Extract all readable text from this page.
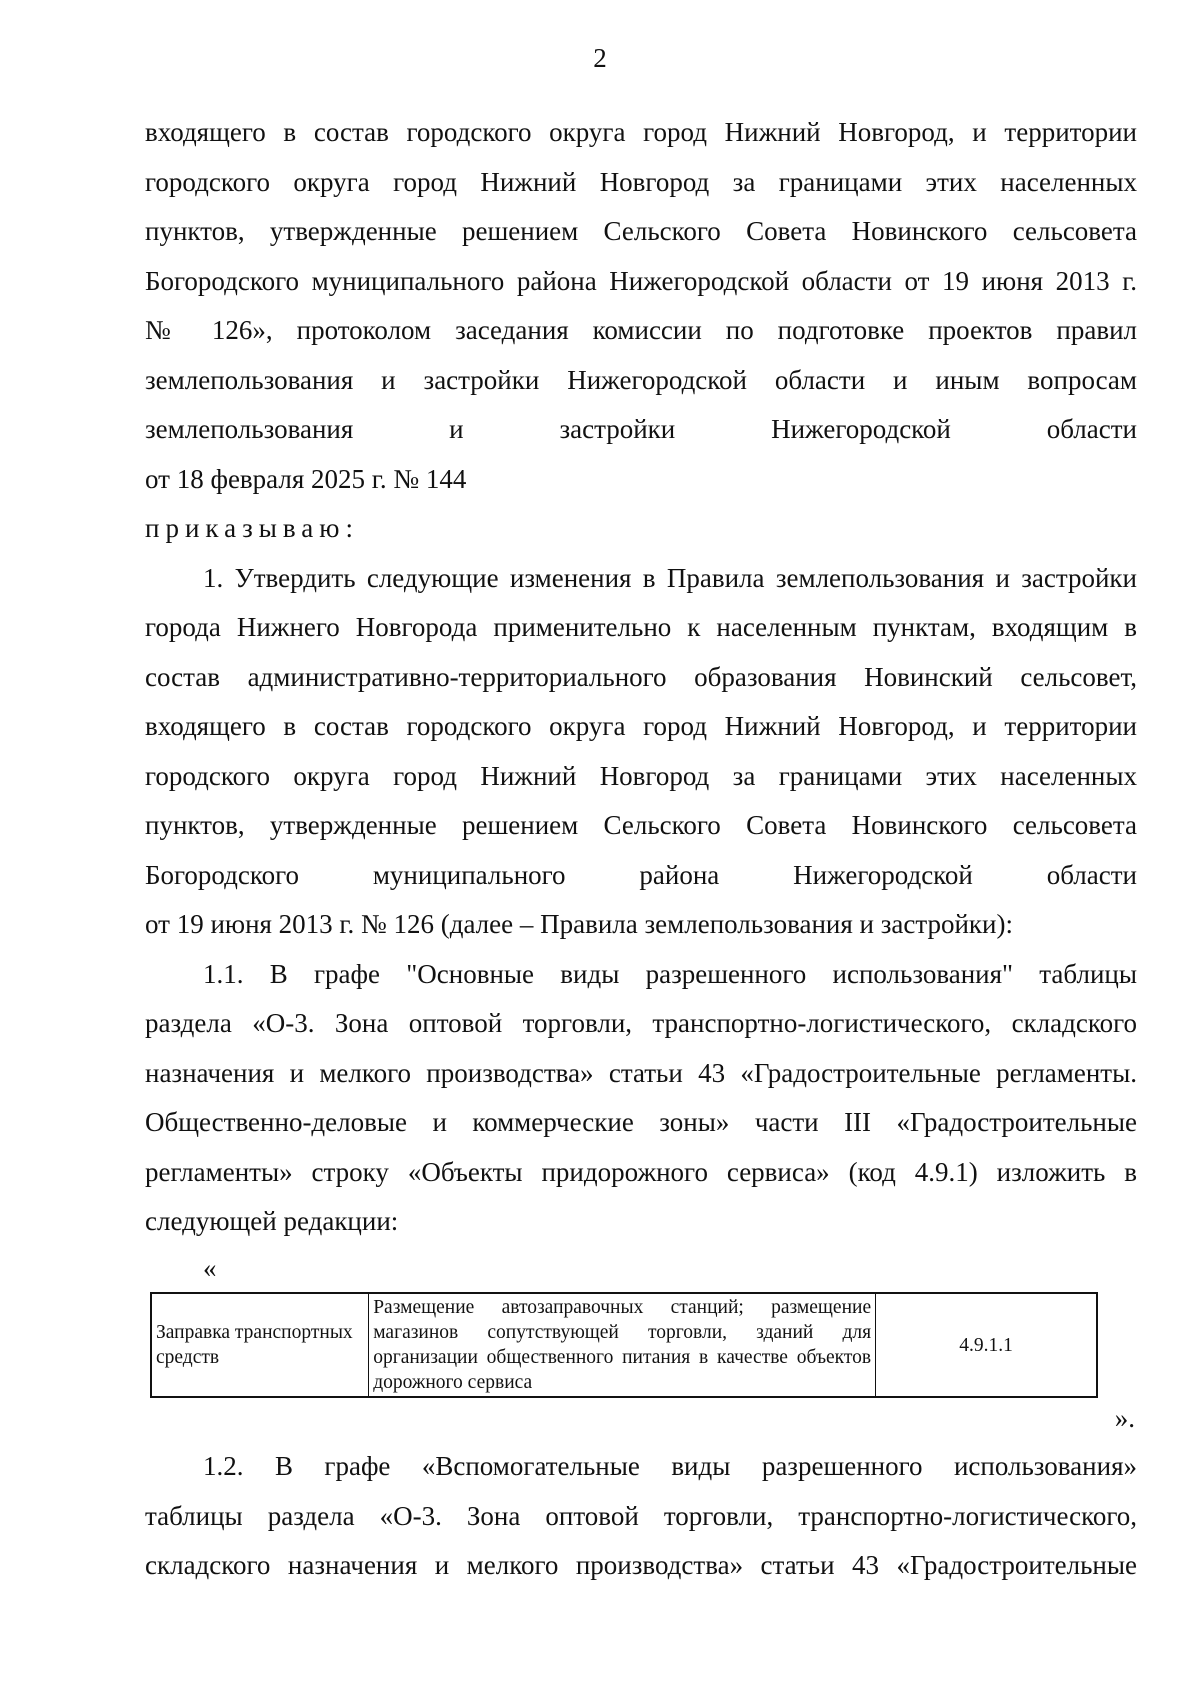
2
входящего в состав городского округа город Нижний Новгород, и территории
городского округа город Нижний Новгород за границами этих населенных
пунктов, утвержденные решением Сельского Совета Новинского сельсовета
Богородского муниципального района Нижегородской области от 19 июня 2013 г.
№ 126», протоколом заседания комиссии по подготовке проектов правил
землепользования и застройки Нижегородской области и иным вопросам
землепользования и застройки Нижегородской области
от 18 февраля 2025 г. № 144
приказываю:
1. Утвердить следующие изменения в Правила землепользования и застройки
города Нижнего Новгорода применительно к населенным пунктам, входящим в
состав административно-территориального образования Новинский сельсовет,
входящего в состав городского округа город Нижний Новгород, и территории
городского округа город Нижний Новгород за границами этих населенных
пунктов, утвержденные решением Сельского Совета Новинского сельсовета
Богородского муниципального района Нижегородской области
от 19 июня 2013 г. № 126 (далее – Правила землепользования и застройки):
1.1. В графе "Основные виды разрешенного использования" таблицы
раздела «О-3. Зона оптовой торговли, транспортно-логистического, складского
назначения и мелкого производства» статьи 43 «Градостроительные регламенты.
Общественно-деловые и коммерческие зоны» части III «Градостроительные
регламенты» строку «Объекты придорожного сервиса» (код 4.9.1) изложить в
следующей редакции:
«
Заправка транспортных средств	Размещение автозаправочных станций; размещение магазинов сопутствующей торговли, зданий для организации общественного питания в качестве объектов дорожного сервиса	4.9.1.1
».
1.2. В графе «Вспомогательные виды разрешенного использования»
таблицы раздела «О-3. Зона оптовой торговли, транспортно-логистического,
складского назначения и мелкого производства» статьи 43 «Градостроительные
